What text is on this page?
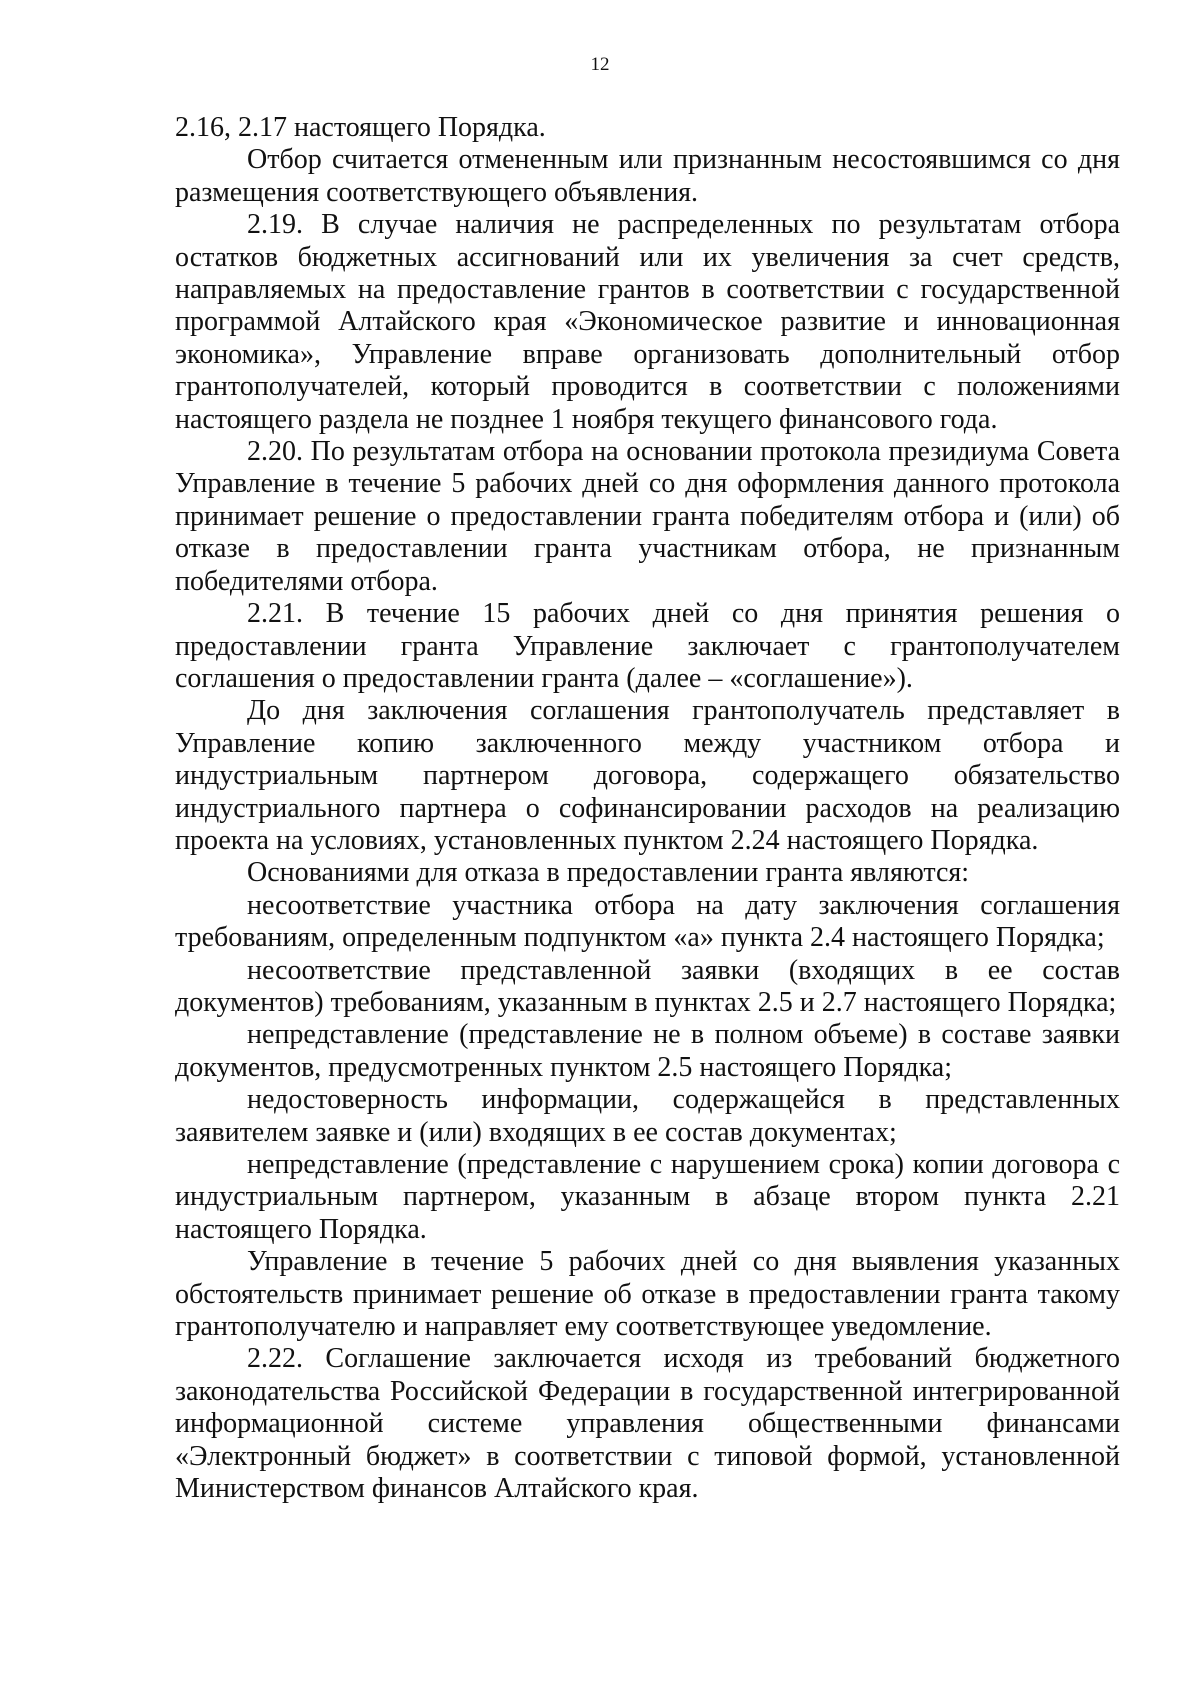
12

2.16, 2.17 настоящего Порядка.

Отбор считается отмененным или признанным несостоявшимся со дня размещения соответствующего объявления.

2.19. В случае наличия не распределенных по результатам отбора остатков бюджетных ассигнований или их увеличения за счет средств, направляемых на предоставление грантов в соответствии с государственной программой Алтайского края «Экономическое развитие и инновационная экономика», Управление вправе организовать дополнительный отбор грантополучателей, который проводится в соответствии с положениями настоящего раздела не позднее 1 ноября текущего финансового года.

2.20. По результатам отбора на основании протокола президиума Совета Управление в течение 5 рабочих дней со дня оформления данного протокола принимает решение о предоставлении гранта победителям отбора и (или) об отказе в предоставлении гранта участникам отбора, не признанным победителями отбора.

2.21. В течение 15 рабочих дней со дня принятия решения о предоставлении гранта Управление заключает с грантополучателем соглашения о предоставлении гранта (далее – «соглашение»).

До дня заключения соглашения грантополучатель представляет в Управление копию заключенного между участником отбора и индустриальным партнером договора, содержащего обязательство индустриального партнера о софинансировании расходов на реализацию проекта на условиях, установленных пунктом 2.24 настоящего Порядка.

Основаниями для отказа в предоставлении гранта являются:

несоответствие участника отбора на дату заключения соглашения требованиям, определенным подпунктом «а» пункта 2.4 настоящего Порядка;

несоответствие представленной заявки (входящих в ее состав документов) требованиям, указанным в пунктах 2.5 и 2.7 настоящего Порядка;

непредставление (представление не в полном объеме) в составе заявки документов, предусмотренных пунктом 2.5 настоящего Порядка;

недостоверность информации, содержащейся в представленных заявителем заявке и (или) входящих в ее состав документах;

непредставление (представление с нарушением срока) копии договора с индустриальным партнером, указанным в абзаце втором пункта 2.21 настоящего Порядка.

Управление в течение 5 рабочих дней со дня выявления указанных обстоятельств принимает решение об отказе в предоставлении гранта такому грантополучателю и направляет ему соответствующее уведомление.

2.22. Соглашение заключается исходя из требований бюджетного законодательства Российской Федерации в государственной интегрированной информационной системе управления общественными финансами «Электронный бюджет» в соответствии с типовой формой, установленной Министерством финансов Алтайского края.
